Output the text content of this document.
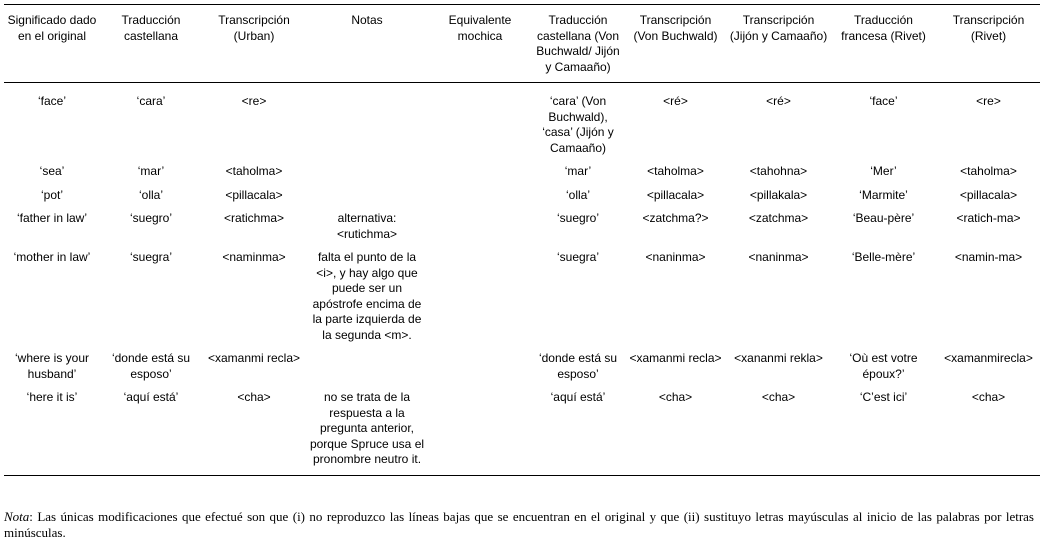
Significado dado en el original	Traducción castellana	Transcripción (Urban)	Notas	Equivalente mochica	Traducción castellana (Von Buchwald/ Jijón y Camaaño)	Transcripción (Von Buchwald)	Transcripción (Jijón y Camaaño)	Traducción francesa (Rivet)	Transcripción (Rivet)
‘face’	‘cara’	<re>			‘cara’ (Von Buchwald), ‘casa’ (Jijón y Camaaño)	<ré>	<ré>	‘face’	<re>
‘sea’	‘mar’	<taholma>			‘mar’	<taholma>	<tahohna>	‘Mer’	<taholma>
‘pot’	‘olla’	<pillacala>			‘olla’	<pillacala>	<pillakala>	‘Marmite’	<pillacala>
‘father in law’	‘suegro’	<ratichma>	alternativa: <rutichma>		‘suegro’	<zatchma?>	<zatchma>	‘Beau-père’	<ratich-ma>
‘mother in law’	‘suegra’	<naminma>	falta el punto de la <i>, y hay algo que puede ser un apóstrofe encima de la parte izquierda de la segunda <m>.		‘suegra’	<naninma>	<naninma>	‘Belle-mère’	<namin-ma>
‘where is your husband’	‘donde está su esposo’	<xamanmi recla>			‘donde está su esposo’	<xamanmi recla>	<xananmi rekla>	‘Où est votre époux?’	<xamanmirecla>
‘here it is’	‘aquí está’	<cha>	no se trata de la respuesta a la pregunta anterior, porque Spruce usa el pronombre neutro it.		‘aquí está’	<cha>	<cha>	‘C’est ici’	<cha>

Nota: Las únicas modificaciones que efectué son que (i) no reproduzco las líneas bajas que se encuentran en el original y que (ii) sustituyo letras mayúsculas al inicio de las palabras por letras minúsculas.
